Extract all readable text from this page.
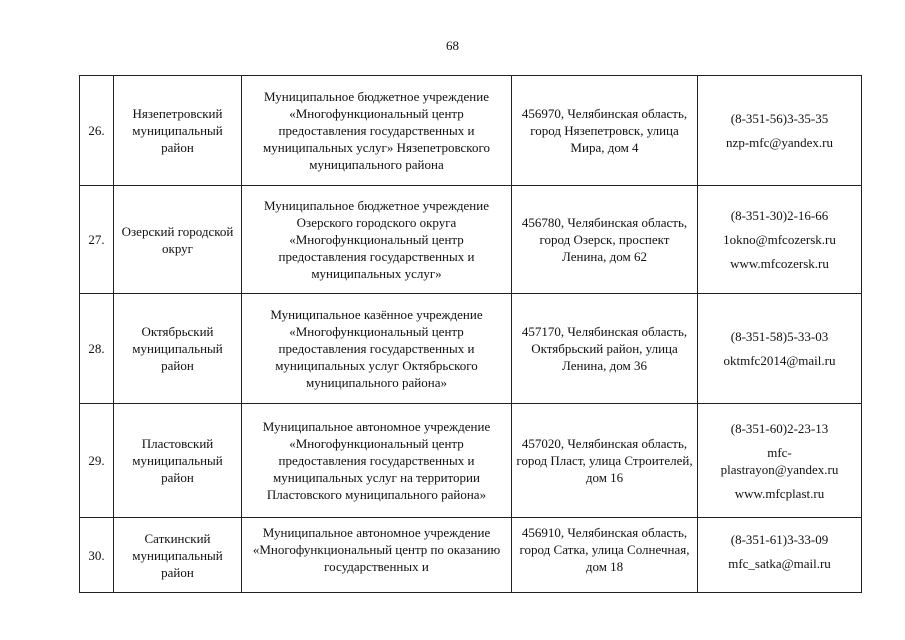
68
26.	Нязепетровский муниципальный район	Муниципальное бюджетное учреждение «Многофункциональный центр предоставления государственных и муниципальных услуг» Нязепетровского муниципального района	456970, Челябинская область, город Нязепетровск, улица Мира, дом 4	(8-351-56)3-35-35
nzp-mfc@yandex.ru

27.	Озерский городской округ	Муниципальное бюджетное учреждение Озерского городского округа «Многофункциональный центр предоставления государственных и муниципальных услуг»	456780, Челябинская область, город Озерск, проспект Ленина, дом 62	(8-351-30)2-16-66
1okno@mfcozersk.ru
www.mfcozersk.ru

28.	Октябрьский муниципальный район	Муниципальное казённое учреждение «Многофункциональный центр предоставления государственных и муниципальных услуг Октябрьского муниципального района»	457170, Челябинская область, Октябрьский район, улица Ленина, дом 36	(8-351-58)5-33-03
oktmfc2014@mail.ru

29.	Пластовский муниципальный район	Муниципальное автономное учреждение «Многофункциональный центр предоставления государственных и муниципальных услуг на территории Пластовского муниципального района»	457020, Челябинская область, город Пласт, улица Строителей, дом 16	(8-351-60)2-23-13
mfc-
plastrayon@yandex.ru
www.mfcplast.ru

30.	Саткинский муниципальный район	Муниципальное автономное учреждение «Многофункциональный центр по оказанию государственных и	456910, Челябинская область, город Сатка, улица Солнечная, дом 18	(8-351-61)3-33-09
mfc_satka@mail.ru
